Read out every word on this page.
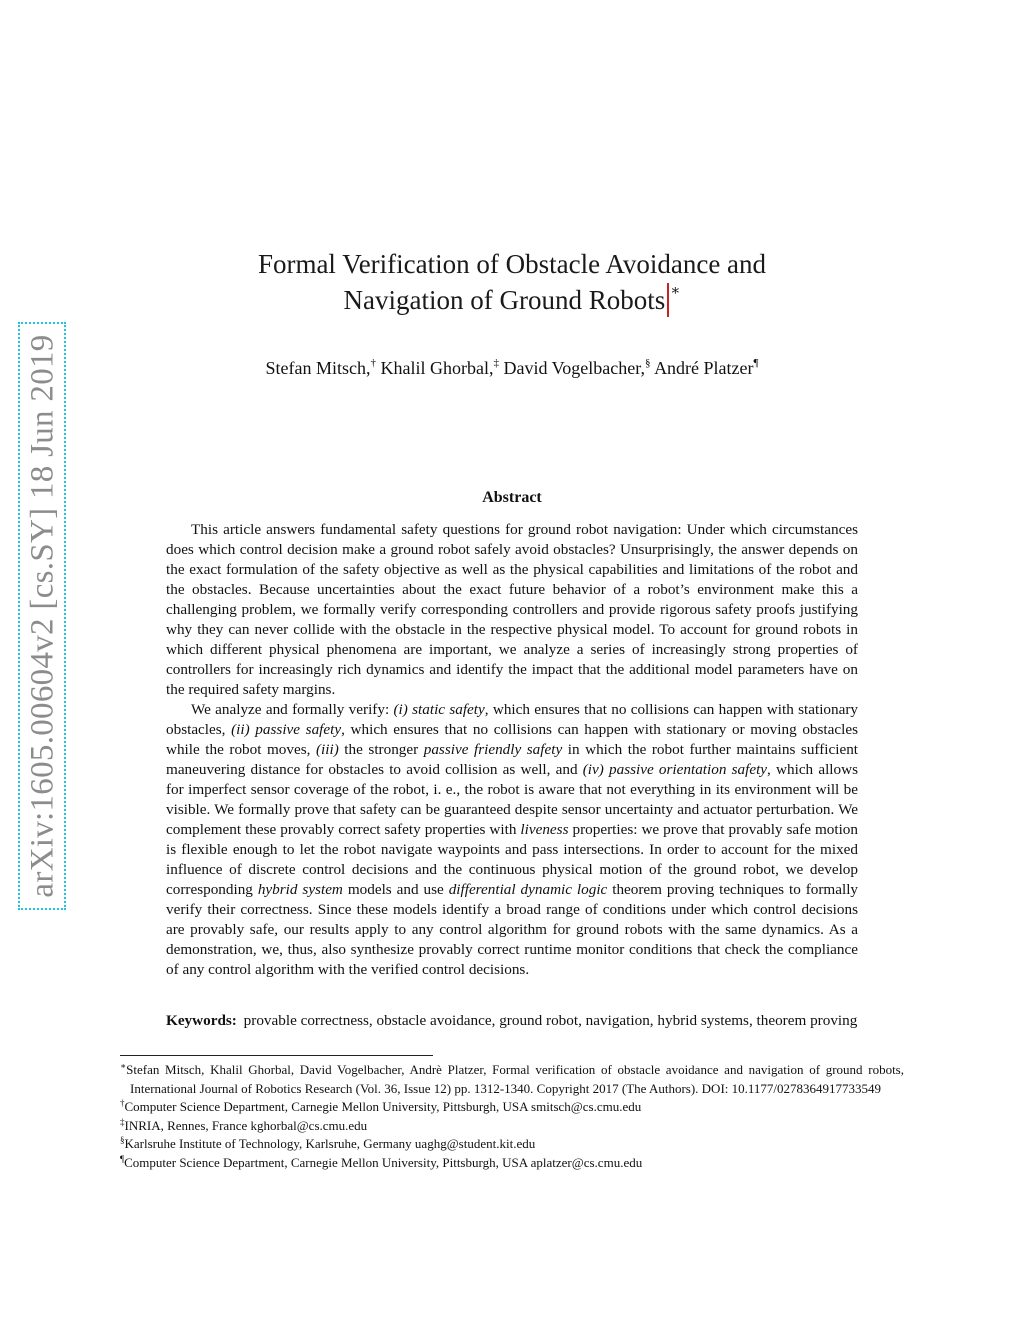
arXiv:1605.00604v2 [cs.SY] 18 Jun 2019
Formal Verification of Obstacle Avoidance and
Navigation of Ground Robots ∗
Stefan Mitsch,† Khalil Ghorbal,‡ David Vogelbacher,§ André Platzer¶
Abstract

This article answers fundamental safety questions for ground robot navigation: Under which circumstances does which control decision make a ground robot safely avoid obstacles? Unsurprisingly, the answer depends on the exact formulation of the safety objective as well as the physical capabilities and limitations of the robot and the obstacles. Because uncertainties about the exact future behavior of a robot’s environment make this a challenging problem, we formally verify corresponding controllers and provide rigorous safety proofs justifying why they can never collide with the obstacle in the respective physical model. To account for ground robots in which different physical phenomena are important, we analyze a series of increasingly strong properties of controllers for increasingly rich dynamics and identify the impact that the additional model parameters have on the required safety margins.

We analyze and formally verify: (i) static safety, which ensures that no collisions can happen with stationary obstacles, (ii) passive safety, which ensures that no collisions can happen with stationary or moving obstacles while the robot moves, (iii) the stronger passive friendly safety in which the robot further maintains sufficient maneuvering distance for obstacles to avoid collision as well, and (iv) passive orientation safety, which allows for imperfect sensor coverage of the robot, i. e., the robot is aware that not everything in its environment will be visible. We formally prove that safety can be guaranteed despite sensor uncertainty and actuator perturbation. We complement these provably correct safety properties with liveness properties: we prove that provably safe motion is flexible enough to let the robot navigate waypoints and pass intersections. In order to account for the mixed influence of discrete control decisions and the continuous physical motion of the ground robot, we develop corresponding hybrid system models and use differential dynamic logic theorem proving techniques to formally verify their correctness. Since these models identify a broad range of conditions under which control decisions are provably safe, our results apply to any control algorithm for ground robots with the same dynamics. As a demonstration, we, thus, also synthesize provably correct runtime monitor conditions that check the compliance of any control algorithm with the verified control decisions.

Keywords: provable correctness, obstacle avoidance, ground robot, navigation, hybrid systems, theorem proving
∗Stefan Mitsch, Khalil Ghorbal, David Vogelbacher, Andrè Platzer, Formal verification of obstacle avoidance and navigation of ground robots, International Journal of Robotics Research (Vol. 36, Issue 12) pp. 1312-1340. Copyright 2017 (The Authors). DOI: 10.1177/0278364917733549
†Computer Science Department, Carnegie Mellon University, Pittsburgh, USA smitsch@cs.cmu.edu
‡INRIA, Rennes, France kghorbal@cs.cmu.edu
§Karlsruhe Institute of Technology, Karlsruhe, Germany uaghg@student.kit.edu
¶Computer Science Department, Carnegie Mellon University, Pittsburgh, USA aplatzer@cs.cmu.edu
